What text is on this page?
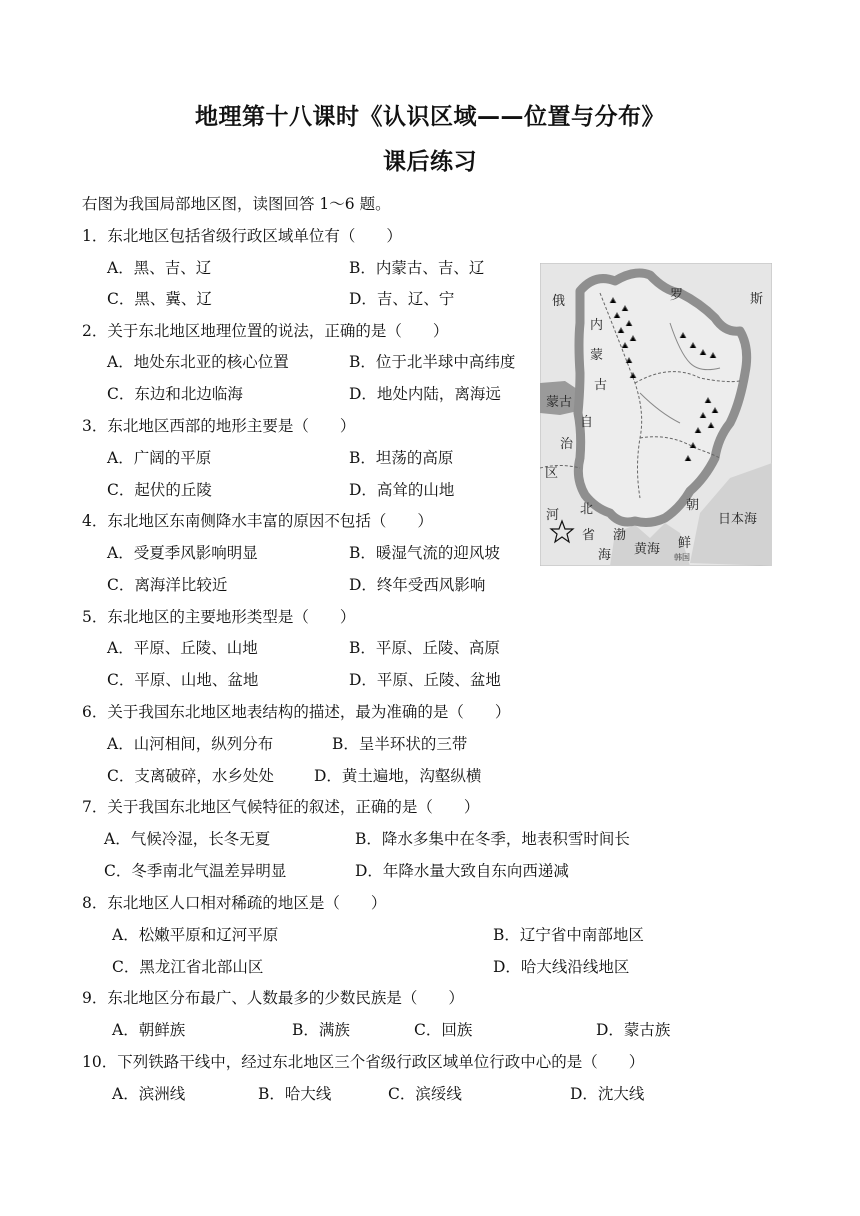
地理第十八课时《认识区域——位置与分布》
课后练习
右图为我国局部地区图，读图回答 1～6 题。
1．东北地区包括省级行政区域单位有（　　）
A．黑、吉、辽	B．内蒙古、吉、辽
C．黑、冀、辽	D．吉、辽、宁
2．关于东北地区地理位置的说法，正确的是（　　）
A．地处东北亚的核心位置	B．位于北半球中高纬度
C．东边和北边临海	D．地处内陆，离海远
3．东北地区西部的地形主要是（　　）
A．广阔的平原	B．坦荡的高原
C．起伏的丘陵	D．高耸的山地
4．东北地区东南侧降水丰富的原因不包括（　　）
A．受夏季风影响明显	B．暖湿气流的迎风坡
C．离海洋比较近	D．终年受西风影响
5．东北地区的主要地形类型是（　　）
A．平原、丘陵、山地	B．平原、丘陵、高原
C．平原、山地、盆地	D．平原、丘陵、盆地
6．关于我国东北地区地表结构的描述，最为准确的是（　　）
A．山河相间，纵列分布	B．呈半环状的三带
C．支离破碎，水乡处处	D．黄土遍地，沟壑纵横
7．关于我国东北地区气候特征的叙述，正确的是（　　）
A．气候冷湿，长冬无夏	B．降水多集中在冬季，地表积雪时间长
C．冬季南北气温差异明显	D．年降水量大致自东向西递减
8．东北地区人口相对稀疏的地区是（　　）
A．松嫩平原和辽河平原	B．辽宁省中南部地区
C．黑龙江省北部山区	D．哈大线沿线地区
9．东北地区分布最广、人数最多的少数民族是（　　）
A．朝鲜族	B．满族	C．回族	D．蒙古族
10．下列铁路干线中，经过东北地区三个省级行政区域单位行政中心的是（　　）
A．滨洲线	B．哈大线	C．滨绥线	D．沈大线
俄	罗	斯
内
蒙
古
自
治
蒙古
区
河 北
省 渤
海 黄海
朝
鲜
日本海
韩国
